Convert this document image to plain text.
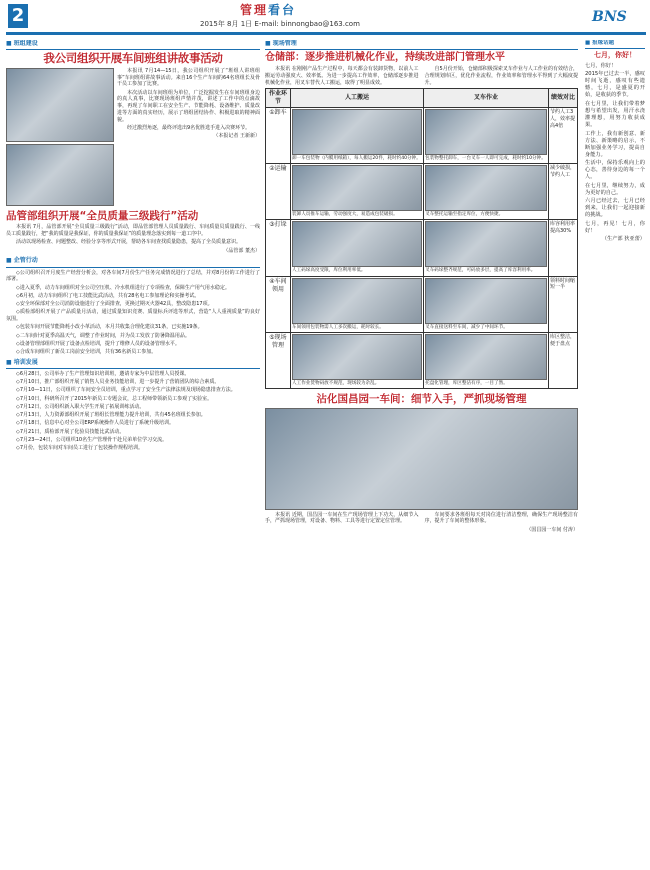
2	管理看台
2015年 8月 1日 E-mail: binnongbao@163.com	BNS
■ 班组建设
我公司组织开展车间班组讲故事活动

本报讯 7月14—15日，我公司组织开展了“班组人讲班组事”车间班组讲故事活动。来自16个生产车间的64名班组长及骨干员工参加了比赛。

本次活动以车间班组为单位，广泛挖掘发生在车间班组身边的真人真事，比赛现场班组声情并茂，讲述了工作中的点滴故事，再现了车间职工在安全生产、节能降耗、设备维护、质量改进等方面的真实经历，展示了班组团结协作、积极进取的精神面貌。

经过激烈角逐，最终评选出9名优胜选手进入决赛环节。

（本报记者 王新新）

品管部组织开展“全员质量三级践行”活动

本报讯 7月，品管部开展“全员质量三级践行”活动，即品管部管理人员质量践行、车间质量员质量践行、一线员工质量践行，把“我的质量是我保证，你的质量我保证”的质量理念落实到每一道工序中。

活动以现场检查、问题整改、经验分享等形式开展，帮助各车间查找质量隐患，提高了全员质量意识。

（品管部 董杰）

■ 企管行动

◇公司组织召开月度生产经营分析会，对各车间7月份生产任务完成情况进行了总结，并对8月份的工作进行了部署。

◇进入夏季，动力车间组织对全公司空压机、冷水机组进行了专项检查，保障生产用气用水稳定。

◇6月初，动力车间组织了电工技能比武活动，共有28名电工参加理论和实操考试。

◇安全环保部对全公司消防设施进行了全面排查，更换过期灭火器42具，整改隐患17项。

◇质检部组织开展了产品质量月活动，通过质量知识竞赛、质量标兵评选等形式，营造“人人重视质量”的良好氛围。

◇包装车间开展节能降耗小改小革活动，本月共收集合理化建议31条，已实施19条。

◇二车间针对夏季高温天气，调整了作业时间，并为员工发放了防暑降温用品。

◇设备管理部组织开展了设备点检培训，提升了维修人员的设备管理水平。

◇合成车间组织了新员工岗前安全培训，共有36名新员工参加。

■ 培训发展

◇6月28日，公司举办了生产管理知识培训班，邀请专家为中层管理人员授课。

◇7月10日，推广部组织开展了销售人员业务技能培训，进一步提升了营销团队的综合素质。

◇7月10—11日，公司组织了车间安全员培训，重点学习了安全生产法律法规及现场隐患排查方法。

◇7月10日，科研所召开了2015年新员工专题会议，总工程师带领新员工参观了实验室。

◇7月12日，公司组织新入职大学生开展了拓展训练活动。

◇7月13日，人力资源部组织开展了班组长管理能力提升培训，共有45名班组长参加。

◇7月18日，信息中心对全公司ERP系统操作人员进行了系统升级培训。

◇7月21日，质检部开展了化验员技能比武活动。

◇7月23—24日，公司组织10名生产管理骨干赴兄弟单位学习交流。

◇7月份，包装车间对车间员工进行了包装操作规程培训。

■ 现场管理
仓储部：逐步推进机械化作业，持续改进部门管理水平

本报讯 在刚刚产品生产过程中，每天都会有装卸货物，以前人工搬运劳动强度大、效率低。为进一步提高工作效率，仓储部逐步推进机械化作业，用叉车替代人工搬运，取得了明显成效。

自5月份开始，仓储部积极探索叉车作业与人工作业的有效结合，合理规划库区，优化作业流程，作业效率和管理水平得到了大幅度提升。

作业环节	人工搬运	叉车作业	绩效对比
①卸车	卸一车包装物（内膜用纸箱），每人搬运20件，耗时约40分钟。	包装物整托卸车，一台叉车一人即可完成，耗时约10分钟。	节约人工3人，效率提高4倍
②运输	装卸人员推车运输，劳动强度大，易造成包装破损。	叉车整托运输至指定库位，方便快捷。	减少破损，节约人工
③打垛	人工码垛高度受限，库位利用率低。	叉车码垛整齐规范，可码放多层，提高了库容利用率。	库容利用率提高30%
④车间领用	车间领用包装物需人工多次搬运，耗时较长。	叉车直接送料至车间，减少了中间环节。	领料时间缩短一半
⑤现场管理	人工作业货物码放不规范，现场较为杂乱。	托盘化管理，库区整洁有序，一目了然。	库区整洁，便于盘点
沾化国昌园一车间：细节入手，严抓现场管理

本报讯 近期，国昌园一车间在生产现场管理上下功夫，从细节入手，严抓现场管理，对设备、物料、工具等进行定置定位管理。

车间要求各班组每天对岗位进行清洁整理，确保生产现场整洁有序，提升了车间的整体形象。

（国昌园一车间 付涛）

■ 报缘话题
七月，你好！

七月，你好！

2015年已过去一半，感叹时间飞逝，感叹有些遗憾，七月，是盛夏的开始，是收获的季节。

在七月里，让我们带着梦想与希望出发，用汗水浇灌理想，用努力收获成果。

工作上，我有新创意、新方法、新策略的启示，不断加强业务学习，提高自身能力。

生活中，保持乐观向上的心态，善待身边的每一个人。

在七月里，继续努力，成为更好的自己。

六月已经过去，七月已经到来，让我们一起迎接新的挑战。

七月，再见！七月，你好！

（生产部 狄亚蕾）
